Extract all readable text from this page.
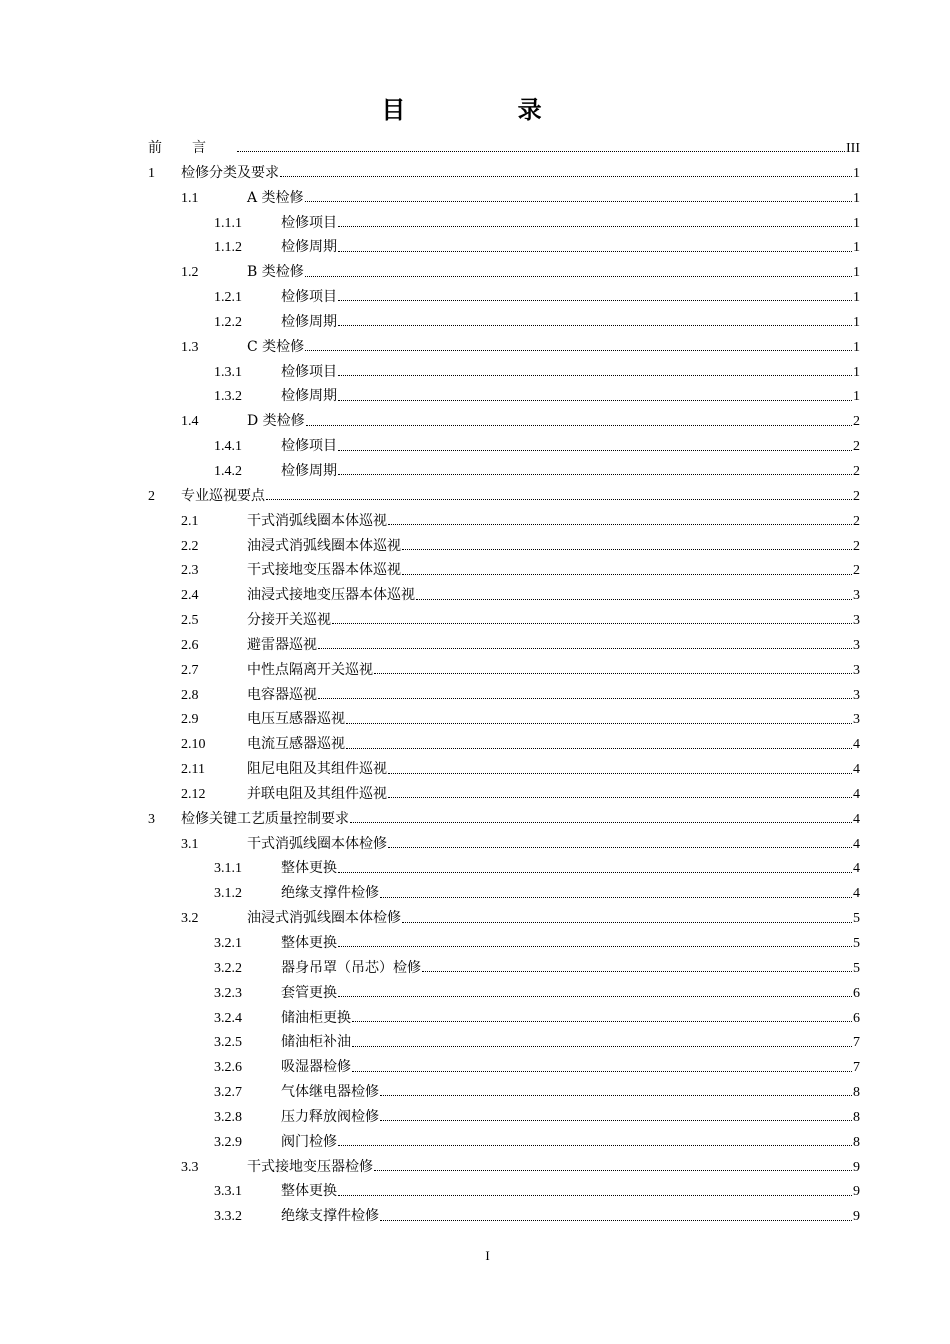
目 录
前言	III
1	检修分类及要求	1
1.1	A 类检修	1
1.1.1	检修项目	1
1.1.2	检修周期	1
1.2	B 类检修	1
1.2.1	检修项目	1
1.2.2	检修周期	1
1.3	C 类检修	1
1.3.1	检修项目	1
1.3.2	检修周期	1
1.4	D 类检修	2
1.4.1	检修项目	2
1.4.2	检修周期	2
2	专业巡视要点	2
2.1	干式消弧线圈本体巡视	2
2.2	油浸式消弧线圈本体巡视	2
2.3	干式接地变压器本体巡视	2
2.4	油浸式接地变压器本体巡视	3
2.5	分接开关巡视	3
2.6	避雷器巡视	3
2.7	中性点隔离开关巡视	3
2.8	电容器巡视	3
2.9	电压互感器巡视	3
2.10	电流互感器巡视	4
2.11	阻尼电阻及其组件巡视	4
2.12	并联电阻及其组件巡视	4
3	检修关键工艺质量控制要求	4
3.1	干式消弧线圈本体检修	4
3.1.1	整体更换	4
3.1.2	绝缘支撑件检修	4
3.2	油浸式消弧线圈本体检修	5
3.2.1	整体更换	5
3.2.2	器身吊罩（吊芯）检修	5
3.2.3	套管更换	6
3.2.4	储油柜更换	6
3.2.5	储油柜补油	7
3.2.6	吸湿器检修	7
3.2.7	气体继电器检修	8
3.2.8	压力释放阀检修	8
3.2.9	阀门检修	8
3.3	干式接地变压器检修	9
3.3.1	整体更换	9
3.3.2	绝缘支撑件检修	9
I
